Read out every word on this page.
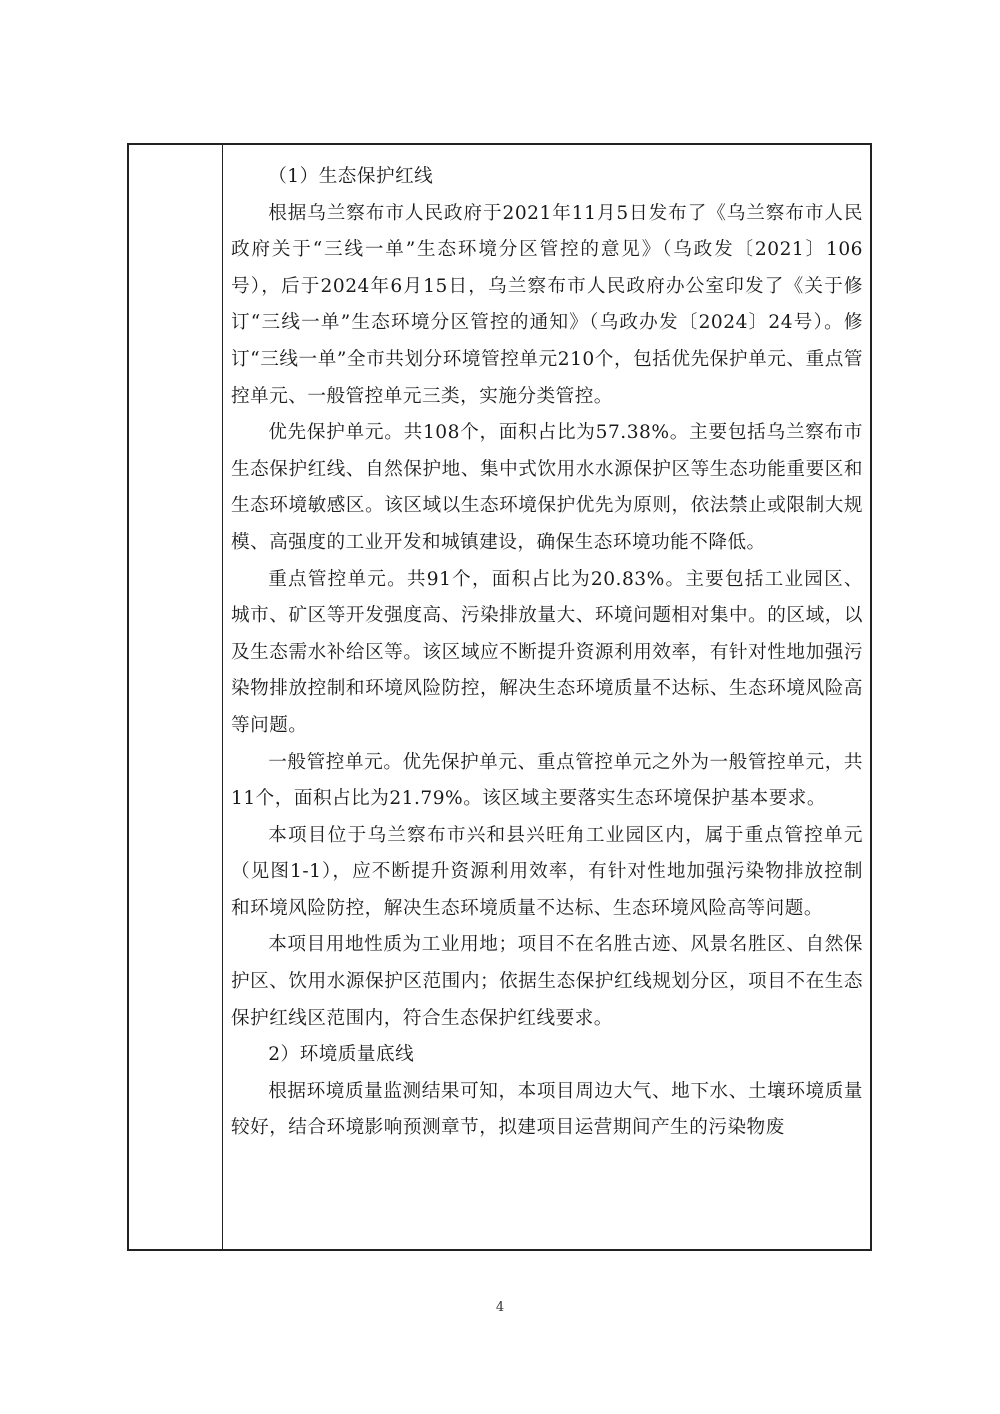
（1）生态保护红线

根据乌兰察布市人民政府于2021年11月5日发布了《乌兰察布市人民政府关于“三线一单”生态环境分区管控的意见》（乌政发〔2021〕106号），后于2024年6月15日，乌兰察布市人民政府办公室印发了《关于修订“三线一单”生态环境分区管控的通知》（乌政办发〔2024〕24号）。修订“三线一单”全市共划分环境管控单元210个，包括优先保护单元、重点管控单元、一般管控单元三类，实施分类管控。

优先保护单元。共108个，面积占比为57.38%。主要包括乌兰察布市生态保护红线、自然保护地、集中式饮用水水源保护区等生态功能重要区和生态环境敏感区。该区域以生态环境保护优先为原则，依法禁止或限制大规模、高强度的工业开发和城镇建设，确保生态环境功能不降低。

重点管控单元。共91个，面积占比为20.83%。主要包括工业园区、城市、矿区等开发强度高、污染排放量大、环境问题相对集中。的区域，以及生态需水补给区等。该区域应不断提升资源利用效率，有针对性地加强污染物排放控制和环境风险防控，解决生态环境质量不达标、生态环境风险高等问题。

一般管控单元。优先保护单元、重点管控单元之外为一般管控单元，共11个，面积占比为21.79%。该区域主要落实生态环境保护基本要求。

本项目位于乌兰察布市兴和县兴旺角工业园区内，属于重点管控单元（见图1-1），应不断提升资源利用效率，有针对性地加强污染物排放控制和环境风险防控，解决生态环境质量不达标、生态环境风险高等问题。

本项目用地性质为工业用地；项目不在名胜古迹、风景名胜区、自然保护区、饮用水源保护区范围内；依据生态保护红线规划分区，项目不在生态保护红线区范围内，符合生态保护红线要求。

2）环境质量底线

根据环境质量监测结果可知，本项目周边大气、地下水、土壤环境质量较好，结合环境影响预测章节，拟建项目运营期间产生的污染物废

4
